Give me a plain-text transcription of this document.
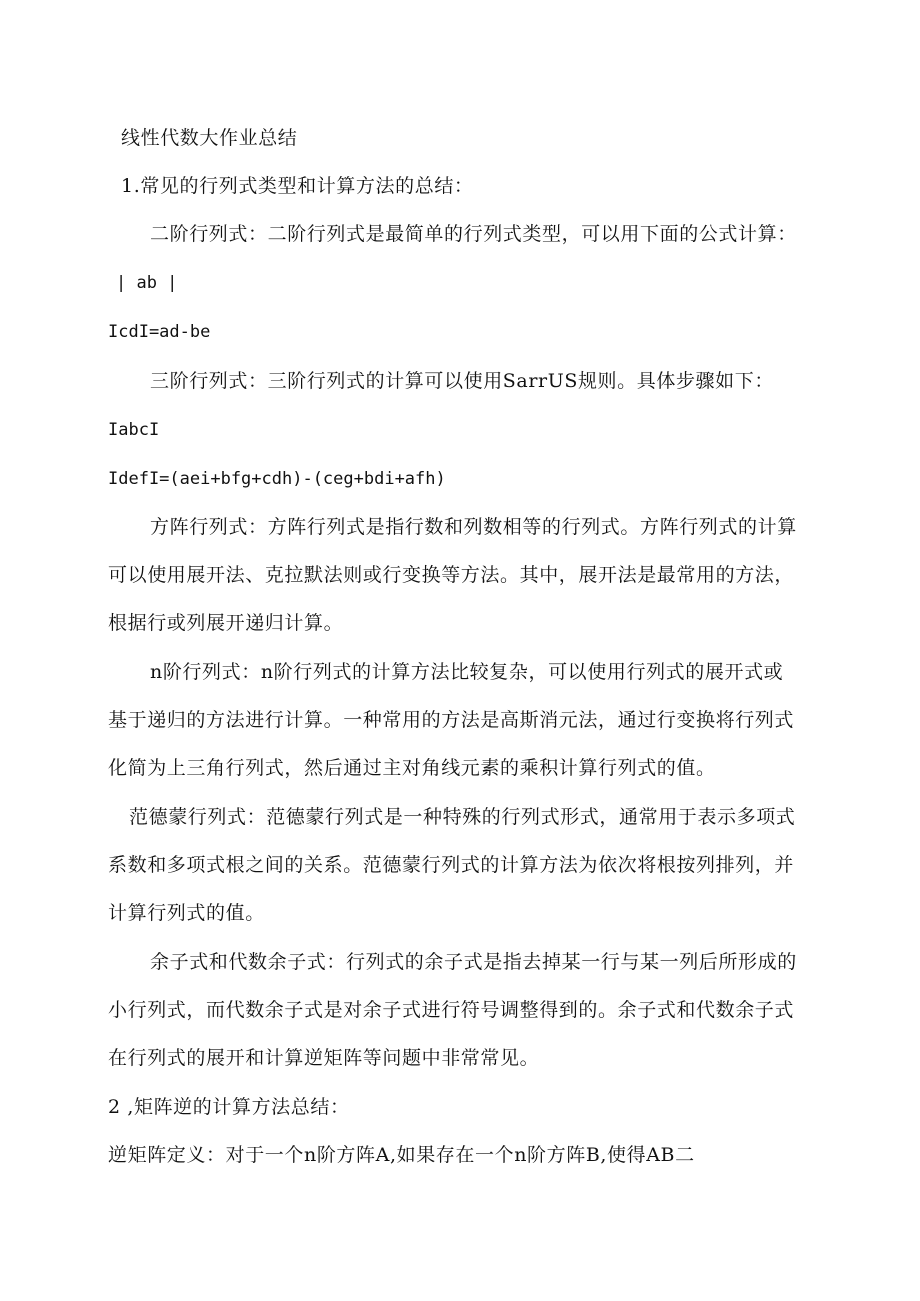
线性代数大作业总结
1.常见的行列式类型和计算方法的总结：
二阶行列式：二阶行列式是最简单的行列式类型，可以用下面的公式计算：
| ab |
IcdI=ad-be
三阶行列式：三阶行列式的计算可以使用SarrUS规则。具体步骤如下：
IabcI
IdefI=(aei+bfg+cdh)-(ceg+bdi+afh)
方阵行列式：方阵行列式是指行数和列数相等的行列式。方阵行列式的计算
可以使用展开法、克拉默法则或行变换等方法。其中，展开法是最常用的方法，
根据行或列展开递归计算。
n阶行列式：n阶行列式的计算方法比较复杂，可以使用行列式的展开式或
基于递归的方法进行计算。一种常用的方法是高斯消元法，通过行变换将行列式
化简为上三角行列式，然后通过主对角线元素的乘积计算行列式的值。
范德蒙行列式：范德蒙行列式是一种特殊的行列式形式，通常用于表示多项式
系数和多项式根之间的关系。范德蒙行列式的计算方法为依次将根按列排列，并
计算行列式的值。
余子式和代数余子式：行列式的余子式是指去掉某一行与某一列后所形成的
小行列式，而代数余子式是对余子式进行符号调整得到的。余子式和代数余子式
在行列式的展开和计算逆矩阵等问题中非常常见。
2 ,矩阵逆的计算方法总结：
逆矩阵定义：对于一个n阶方阵A,如果存在一个n阶方阵B,使得AB二
